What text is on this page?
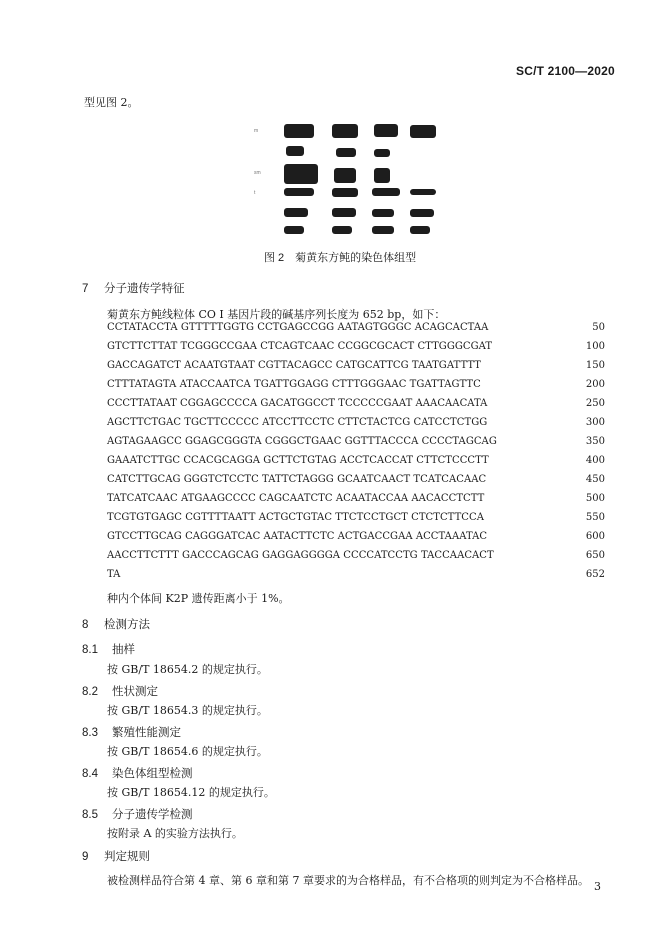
SC/T 2100—2020
型见图 2。
m
sm
t
图 2　菊黄东方鲀的染色体组型
7 分子遗传学特征
菊黄东方鲀线粒体 CO Ⅰ 基因片段的碱基序列长度为 652 bp，如下：
CCTATACCTA GTTTTTGGTG CCTGAGCCGG AATAGTGGGC ACAGCACTAA	50
GTCTTCTTAT TCGGGCCGAA CTCAGTCAAC CCGGCGCACT CTTGGGCGAT	100
GACCAGATCT ACAATGTAAT CGTTACAGCC CATGCATTCG TAATGATTTT	150
CTTTATAGTA ATACCAATCA TGATTGGAGG CTTTGGGAAC TGATTAGTTC	200
CCCTTATAAT CGGAGCCCCA GACATGGCCT TCCCCCGAAT AAACAACATA	250
AGCTTCTGAC TGCTTCCCCC ATCCTTCCTC CTTCTACTCG CATCCTCTGG	300
AGTAGAAGCC GGAGCGGGTA CGGGCTGAAC GGTTTACCCA CCCCTAGCAG	350
GAAATCTTGC CCACGCAGGA GCTTCTGTAG ACCTCACCAT CTTCTCCCTT	400
CATCTTGCAG GGGTCTCCTC TATTCTAGGG GCAATCAACT TCATCACAAC	450
TATCATCAAC ATGAAGCCCC CAGCAATCTC ACAATACCAA AACACCTCTT	500
TCGTGTGAGC CGTTTTAATT ACTGCTGTAC TTCTCCTGCT CTCTCTTCCA	550
GTCCTTGCAG CAGGGATCAC AATACTTCTC ACTGACCGAA ACCTAAATAC	600
AACCTTCTTT GACCCAGCAG GAGGAGGGGA CCCCATCCTG TACCAACACT	650
TA	652
种内个体间 K2P 遗传距离小于 1%。
8 检测方法
8.1 抽样
按 GB/T 18654.2 的规定执行。
8.2 性状测定
按 GB/T 18654.3 的规定执行。
8.3 繁殖性能测定
按 GB/T 18654.6 的规定执行。
8.4 染色体组型检测
按 GB/T 18654.12 的规定执行。
8.5 分子遗传学检测
按附录 A 的实验方法执行。
9 判定规则
被检测样品符合第 4 章、第 6 章和第 7 章要求的为合格样品，有不合格项的则判定为不合格样品。 3
